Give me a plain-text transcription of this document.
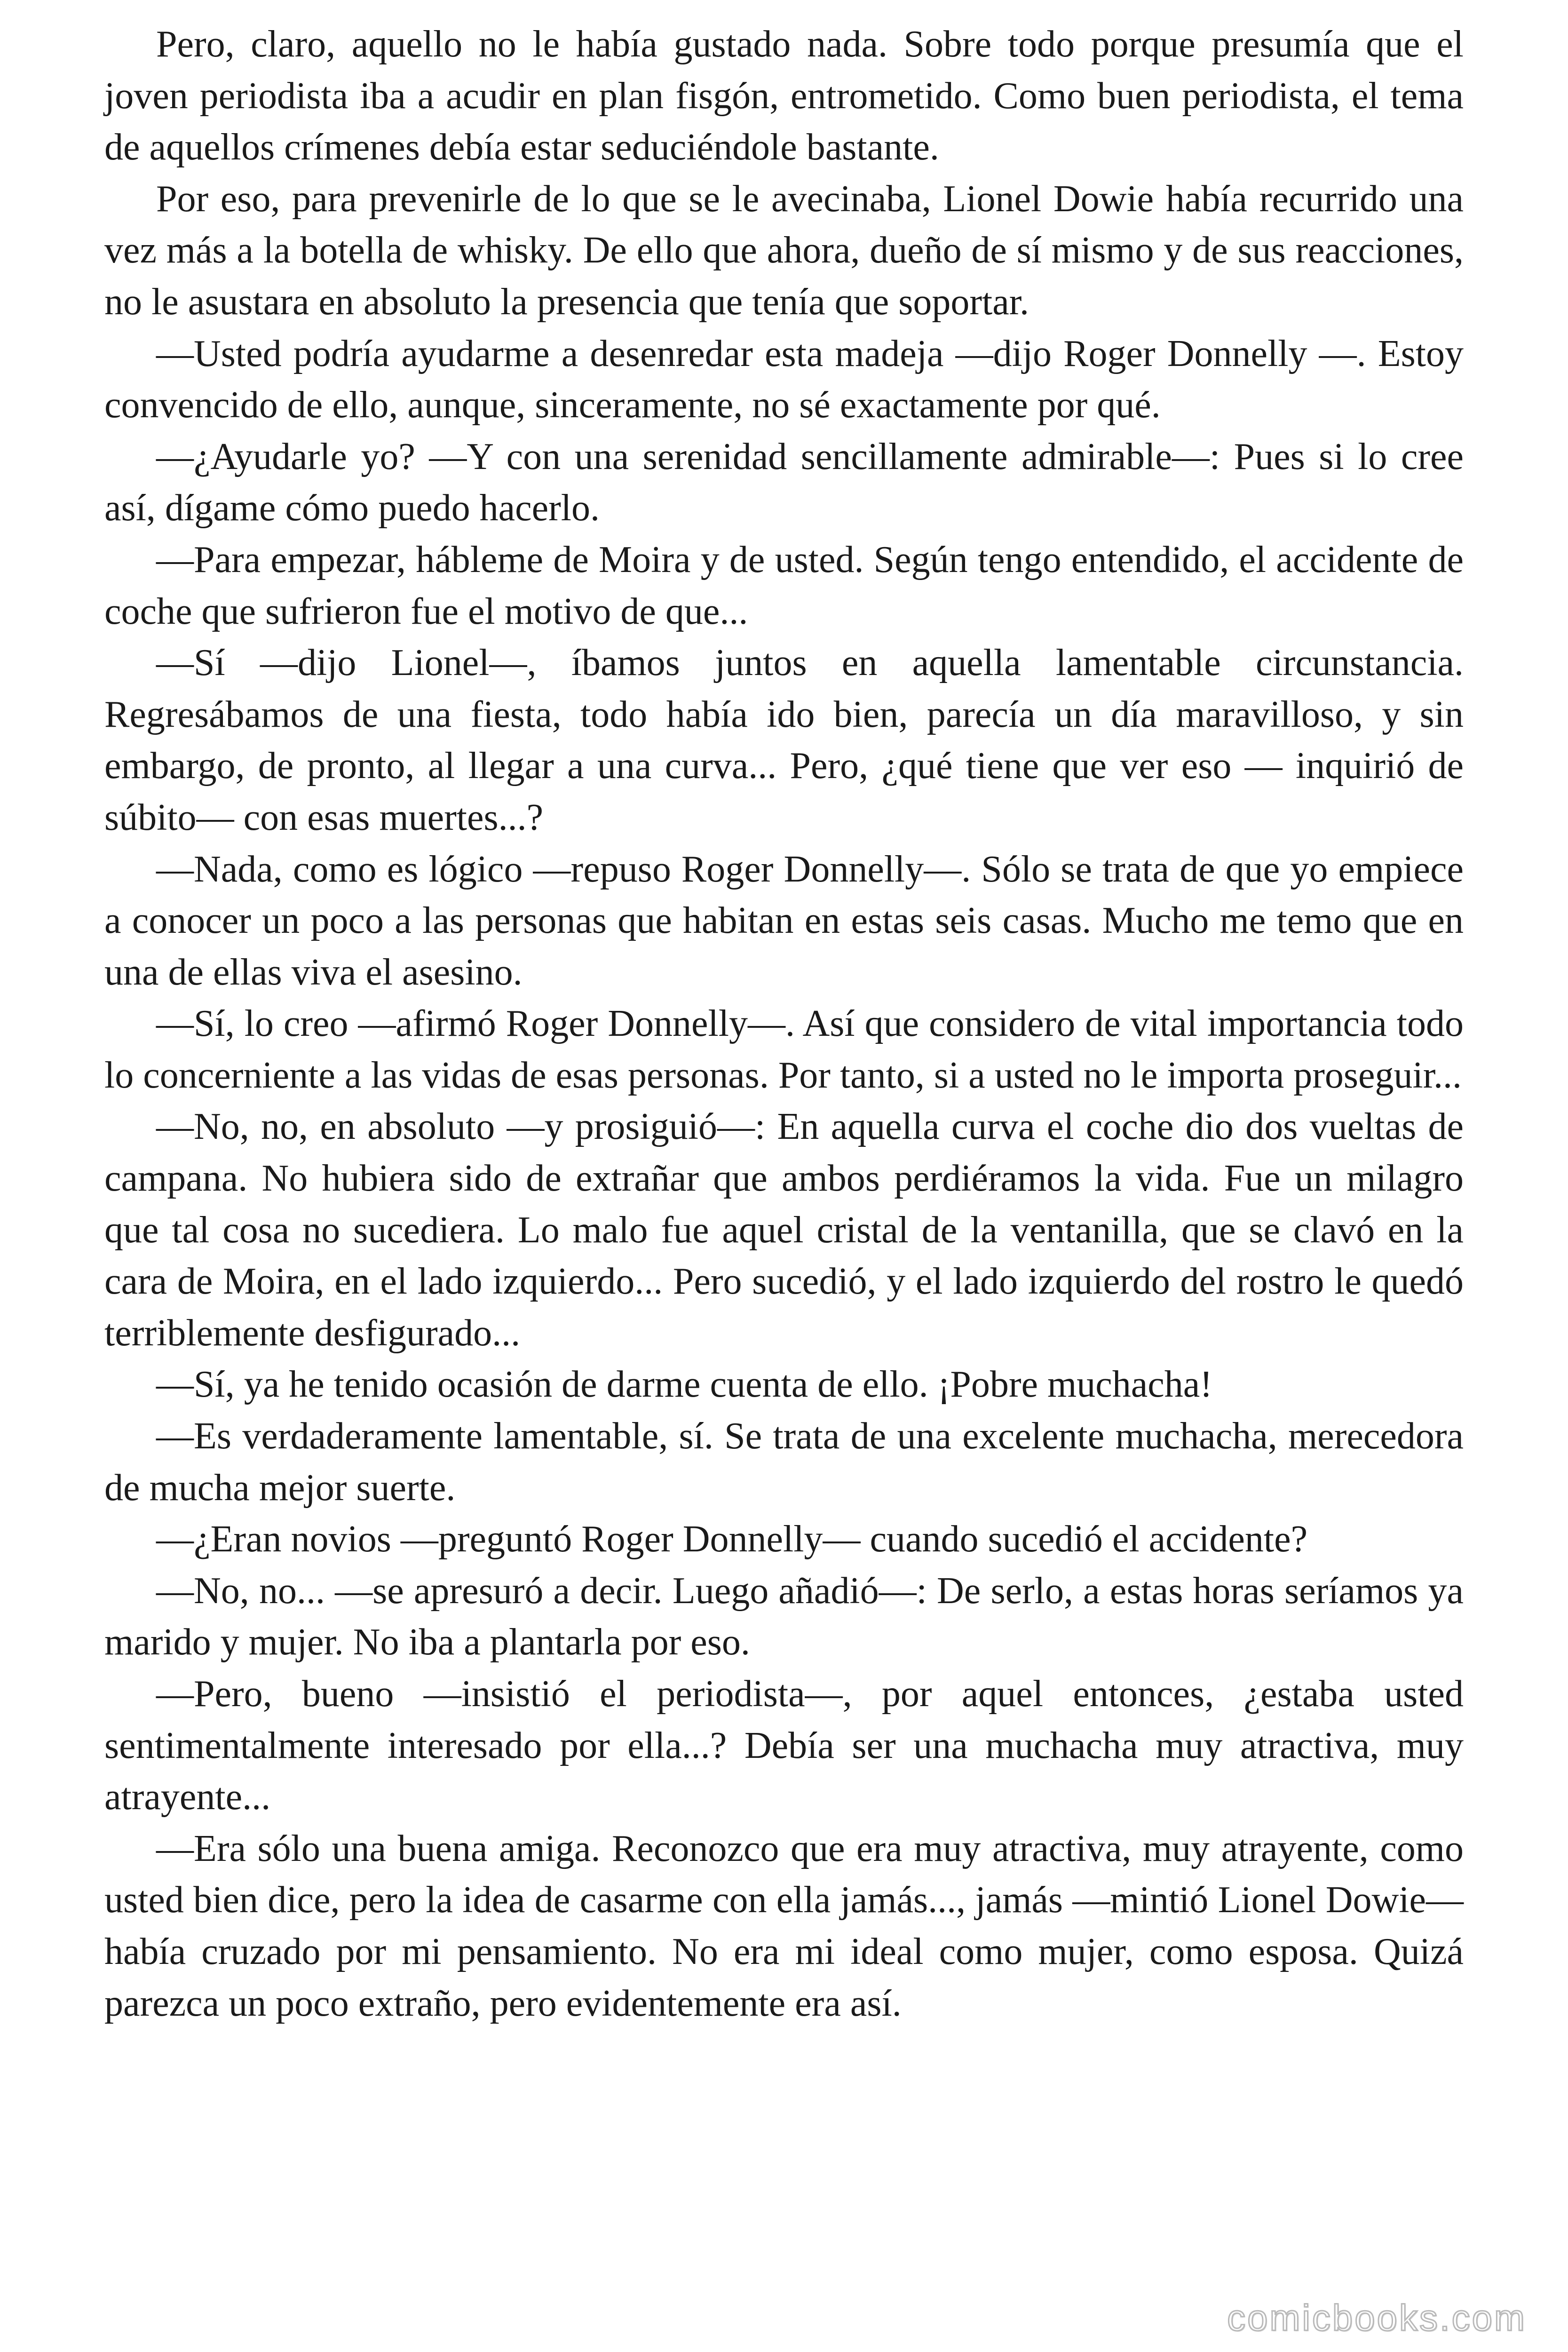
Pero, claro, aquello no le había gustado nada. Sobre todo porque presumía que el joven periodista iba a acudir en plan fisgón, entrometido. Como buen periodista, el tema de aquellos crímenes debía estar seduciéndole bastante.

Por eso, para prevenirle de lo que se le avecinaba, Lionel Dowie había recurrido una vez más a la botella de whisky. De ello que ahora, dueño de sí mismo y de sus reacciones, no le asustara en absoluto la presencia que tenía que soportar.

—Usted podría ayudarme a desenredar esta madeja —dijo Roger Donnelly —. Estoy convencido de ello, aunque, sinceramente, no sé exactamente por qué.

—¿Ayudarle yo? —Y con una serenidad sencillamente admirable—: Pues si lo cree así, dígame cómo puedo hacerlo.

—Para empezar, hábleme de Moira y de usted. Según tengo entendido, el accidente de coche que sufrieron fue el motivo de que...

—Sí —dijo Lionel—, íbamos juntos en aquella lamentable circunstancia. Regresábamos de una fiesta, todo había ido bien, parecía un día maravilloso, y sin embargo, de pronto, al llegar a una curva... Pero, ¿qué tiene que ver eso — inquirió de súbito— con esas muertes...?

—Nada, como es lógico —repuso Roger Donnelly—. Sólo se trata de que yo empiece a conocer un poco a las personas que habitan en estas seis casas. Mucho me temo que en una de ellas viva el asesino.

—Sí, lo creo —afirmó Roger Donnelly—. Así que considero de vital importancia todo lo concerniente a las vidas de esas personas. Por tanto, si a usted no le importa proseguir...

—No, no, en absoluto —y prosiguió—: En aquella curva el coche dio dos vueltas de campana. No hubiera sido de extrañar que ambos perdiéramos la vida. Fue un milagro que tal cosa no sucediera. Lo malo fue aquel cristal de la ventanilla, que se clavó en la cara de Moira, en el lado izquierdo... Pero sucedió, y el lado izquierdo del rostro le quedó terriblemente desfigurado...

—Sí, ya he tenido ocasión de darme cuenta de ello. ¡Pobre muchacha!

—Es verdaderamente lamentable, sí. Se trata de una excelente muchacha, merecedora de mucha mejor suerte.

—¿Eran novios —preguntó Roger Donnelly— cuando sucedió el accidente?

—No, no... —se apresuró a decir. Luego añadió—: De serlo, a estas horas seríamos ya marido y mujer. No iba a plantarla por eso.

—Pero, bueno —insistió el periodista—, por aquel entonces, ¿estaba usted sentimentalmente interesado por ella...? Debía ser una muchacha muy atractiva, muy atrayente...

—Era sólo una buena amiga. Reconozco que era muy atractiva, muy atrayente, como usted bien dice, pero la idea de casarme con ella jamás..., jamás —mintió Lionel Dowie— había cruzado por mi pensamiento. No era mi ideal como mujer, como esposa. Quizá parezca un poco extraño, pero evidentemente era así.

comicbooks.com
